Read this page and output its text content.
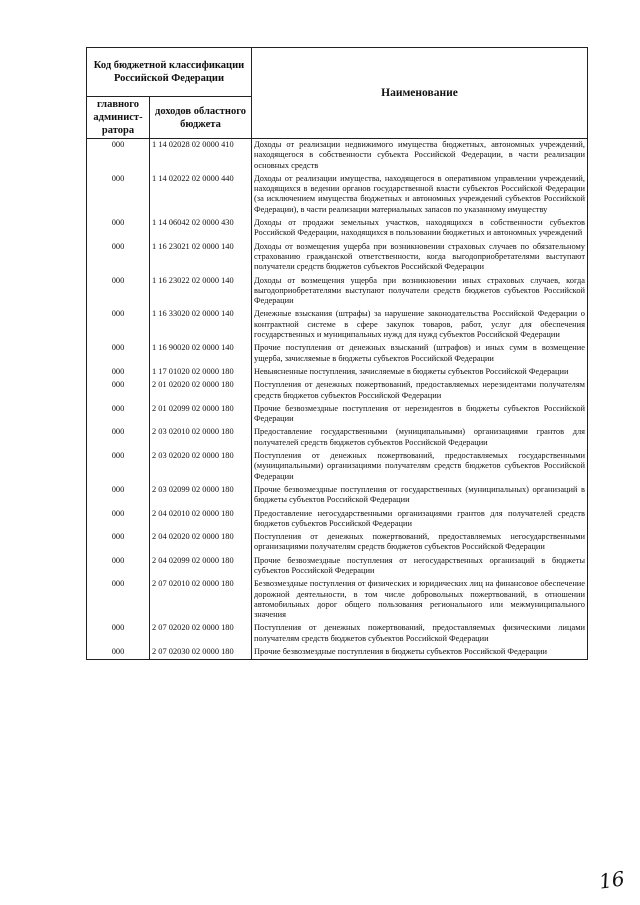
Код бюджетной классификации Российской Федерации		Наименование
главного админист-ратора	доходов областного бюджета	
000	1 14 02028 02 0000 410	Доходы от реализации недвижимого имущества бюджетных, автономных учреждений, находящегося в собственности субъекта Российской Федерации, в части реализации основных средств
000	1 14 02022 02 0000 440	Доходы от реализации имущества, находящегося в оперативном управлении учреждений, находящихся в ведении органов государственной власти субъектов Российской Федерации (за исключением имущества бюджетных и автономных учреждений субъектов Российской Федерации), в части реализации материальных запасов по указанному имуществу
000	1 14 06042 02 0000 430	Доходы от продажи земельных участков, находящихся в собственности субъектов Российской Федерации, находящихся в пользовании бюджетных и автономных учреждений
000	1 16 23021 02 0000 140	Доходы от возмещения ущерба при возникновении страховых случаев по обязательному страхованию гражданской ответственности, когда выгодоприобретателями выступают получатели средств бюджетов субъектов Российской Федерации
000	1 16 23022 02 0000 140	Доходы от возмещения ущерба при возникновении иных страховых случаев, когда выгодоприобретателями выступают получатели средств бюджетов субъектов Российской Федерации
000	1 16 33020 02 0000 140	Денежные взыскания (штрафы) за нарушение законодательства Российской Федерации о контрактной системе в сфере закупок товаров, работ, услуг для обеспечения государственных и муниципальных нужд для нужд субъектов Российской Федерации
000	1 16 90020 02 0000 140	Прочие поступления от денежных взысканий (штрафов) и иных сумм в возмещение ущерба, зачисляемые в бюджеты субъектов Российской Федерации
000	1 17 01020 02 0000 180	Невыясненные поступления, зачисляемые в бюджеты субъектов Российской Федерации
000	2 01 02020 02 0000 180	Поступления от денежных пожертвований, предоставляемых нерезидентами получателям средств бюджетов субъектов Российской Федерации
000	2 01 02099 02 0000 180	Прочие безвозмездные поступления от нерезидентов в бюджеты субъектов Российской Федерации
000	2 03 02010 02 0000 180	Предоставление государственными (муниципальными) организациями грантов для получателей средств бюджетов субъектов Российской Федерации
000	2 03 02020 02 0000 180	Поступления от денежных пожертвований, предоставляемых государственными (муниципальными) организациями получателям средств бюджетов субъектов Российской Федерации
000	2 03 02099 02 0000 180	Прочие безвозмездные поступления от государственных (муниципальных) организаций в бюджеты субъектов Российской Федерации
000	2 04 02010 02 0000 180	Предоставление негосударственными организациями грантов для получателей средств бюджетов субъектов Российской Федерации
000	2 04 02020 02 0000 180	Поступления от денежных пожертвований, предоставляемых негосударственными организациями получателям средств бюджетов субъектов Российской Федерации
000	2 04 02099 02 0000 180	Прочие безвозмездные поступления от негосударственных организаций в бюджеты субъектов Российской Федерации
000	2 07 02010 02 0000 180	Безвозмездные поступления от физических и юридических лиц на финансовое обеспечение дорожной деятельности, в том числе добровольных пожертвований, в отношении автомобильных дорог общего пользования регионального или межмуниципального значения
000	2 07 02020 02 0000 180	Поступления от денежных пожертвований, предоставляемых физическими лицами получателям средств бюджетов субъектов Российской Федерации
000	2 07 02030 02 0000 180	Прочие безвозмездные поступления в бюджеты субъектов Российской Федерации
16
